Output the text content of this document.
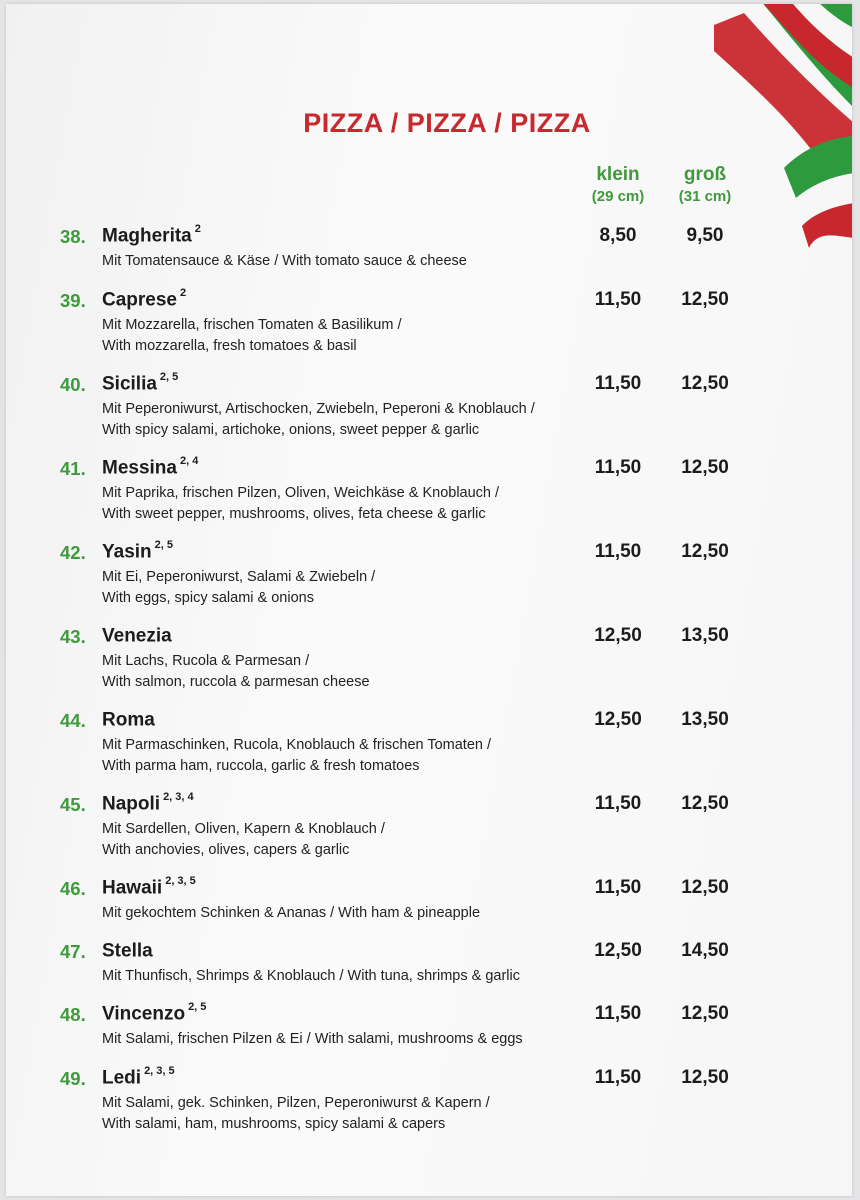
PIZZA / PIZZA / PIZZA
klein
(29 cm)
groß
(31 cm)
38. Magherita $^2$
Mit Tomatensauce & Käse / With tomato sauce & cheese
8,50	9,50
39. Caprese $^2$
Mit Mozzarella, frischen Tomaten & Basilikum /
With mozzarella, fresh tomatoes & basil
11,50	12,50
40. Sicilia $^{2, 5}$
Mit Peperoniwurst, Artischocken, Zwiebeln, Peperoni & Knoblauch /
With spicy salami, artichoke, onions, sweet pepper & garlic
11,50	12,50
41. Messina $^{2, 4}$
Mit Paprika, frischen Pilzen, Oliven, Weichkäse & Knoblauch /
With sweet pepper, mushrooms, olives, feta cheese & garlic
11,50	12,50
42. Yasin $^{2, 5}$
Mit Ei, Peperoniwurst, Salami & Zwiebeln /
With eggs, spicy salami & onions
11,50	12,50
43. Venezia
Mit Lachs, Rucola & Parmesan /
With salmon, ruccola & parmesan cheese
12,50	13,50
44. Roma
Mit Parmaschinken, Rucola, Knoblauch & frischen Tomaten /
With parma ham, ruccola, garlic & fresh tomatoes
12,50	13,50
45. Napoli $^{2, 3, 4}$
Mit Sardellen, Oliven, Kapern & Knoblauch /
With anchovies, olives, capers & garlic
11,50	12,50
46. Hawaii $^{2, 3, 5}$
Mit gekochtem Schinken & Ananas / With ham & pineapple
11,50	12,50
47. Stella
Mit Thunfisch, Shrimps & Knoblauch / With tuna, shrimps & garlic
12,50	14,50
48. Vincenzo $^{2, 5}$
Mit Salami, frischen Pilzen & Ei / With salami, mushrooms & eggs
11,50	12,50
49. Ledi $^{2, 3, 5}$
Mit Salami, gek. Schinken, Pilzen, Peperoniwurst & Kapern /
With salami, ham, mushrooms, spicy salami & capers
11,50	12,50
